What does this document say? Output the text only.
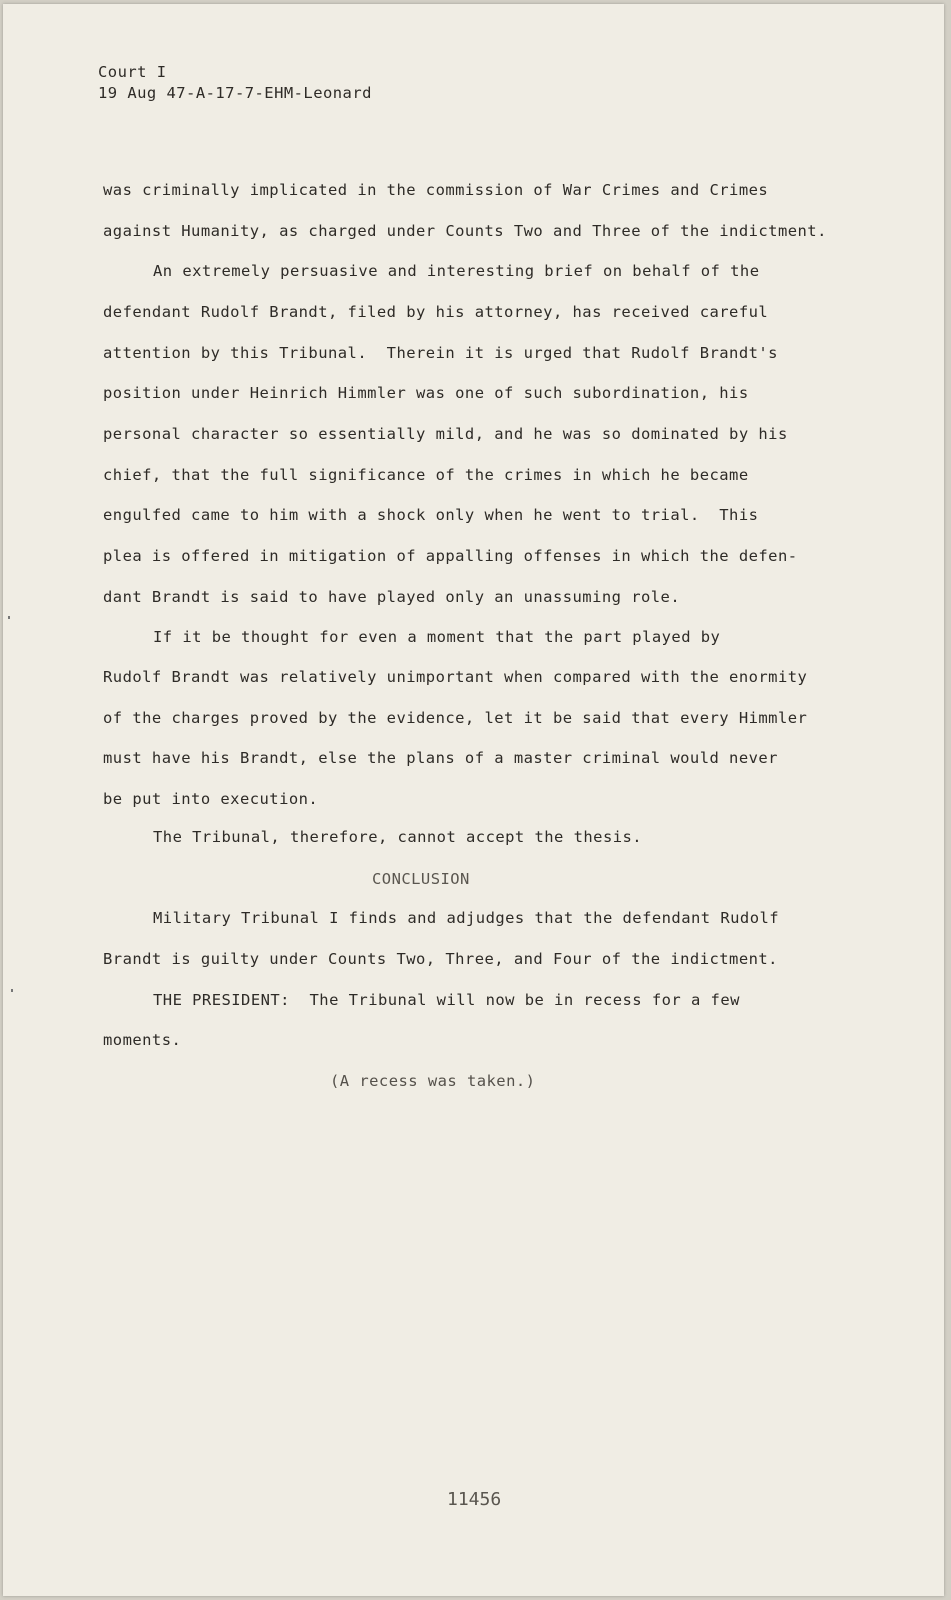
Court I
19 Aug 47-A-17-7-EHM-Leonard
was criminally implicated in the commission of War Crimes and Crimes
against Humanity, as charged under Counts Two and Three of the indictment.
An extremely persuasive and interesting brief on behalf of the
defendant Rudolf Brandt, filed by his attorney, has received careful
attention by this Tribunal.  Therein it is urged that Rudolf Brandt's
position under Heinrich Himmler was one of such subordination, his
personal character so essentially mild, and he was so dominated by his
chief, that the full significance of the crimes in which he became
engulfed came to him with a shock only when he went to trial.  This
plea is offered in mitigation of appalling offenses in which the defen-
dant Brandt is said to have played only an unassuming role.
If it be thought for even a moment that the part played by
Rudolf Brandt was relatively unimportant when compared with the enormity
of the charges proved by the evidence, let it be said that every Himmler
must have his Brandt, else the plans of a master criminal would never
be put into execution.
The Tribunal, therefore, cannot accept the thesis.
CONCLUSION
Military Tribunal I finds and adjudges that the defendant Rudolf
Brandt is guilty under Counts Two, Three, and Four of the indictment.
THE PRESIDENT:  The Tribunal will now be in recess for a few
moments.
(A recess was taken.)
11456
